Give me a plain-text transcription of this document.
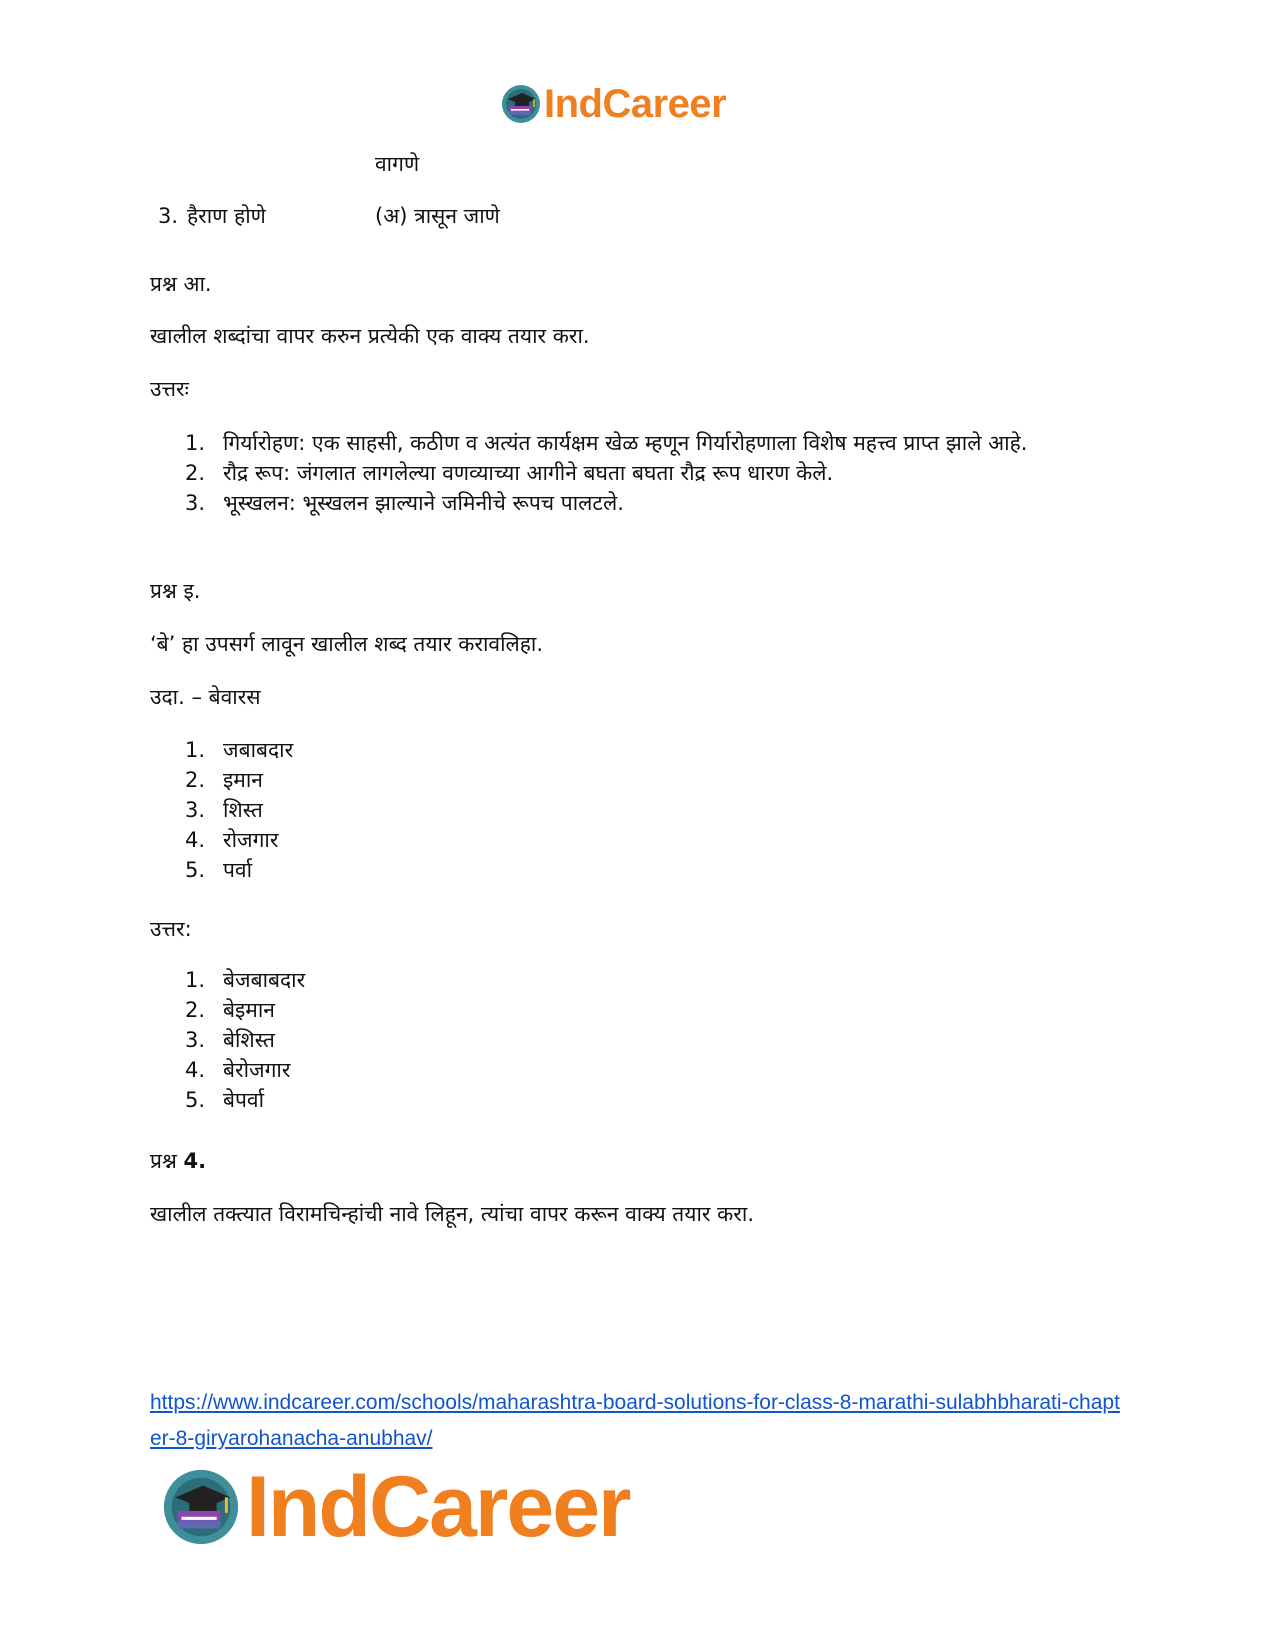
IndCareer
वागणे
3. हैराण होणे	(अ) त्रासून जाणे
प्रश्न आ.
खालील शब्दांचा वापर करुन प्रत्येकी एक वाक्य तयार करा.
उत्तरः
1. गिर्यारोहण: एक साहसी, कठीण व अत्यंत कार्यक्षम खेळ म्हणून गिर्यारोहणाला विशेष महत्त्व प्राप्त झाले आहे.
2. रौद्र रूप: जंगलात लागलेल्या वणव्याच्या आगीने बघता बघता रौद्र रूप धारण केले.
3. भूस्खलन: भूस्खलन झाल्याने जमिनीचे रूपच पालटले.
प्रश्न इ.
‘बे’ हा उपसर्ग लावून खालील शब्द तयार करावलिहा.
उदा. – बेवारस
1. जबाबदार
2. इमान
3. शिस्त
4. रोजगार
5. पर्वा
उत्तर:
1. बेजबाबदार
2. बेइमान
3. बेशिस्त
4. बेरोजगार
5. बेपर्वा
प्रश्न 4.
खालील तक्त्यात विरामचिन्हांची नावे लिहून, त्यांचा वापर करून वाक्य तयार करा.
https://www.indcareer.com/schools/maharashtra-board-solutions-for-class-8-marathi-sulabhbharati-chapter-8-giryarohanacha-anubhav/
IndCareer
